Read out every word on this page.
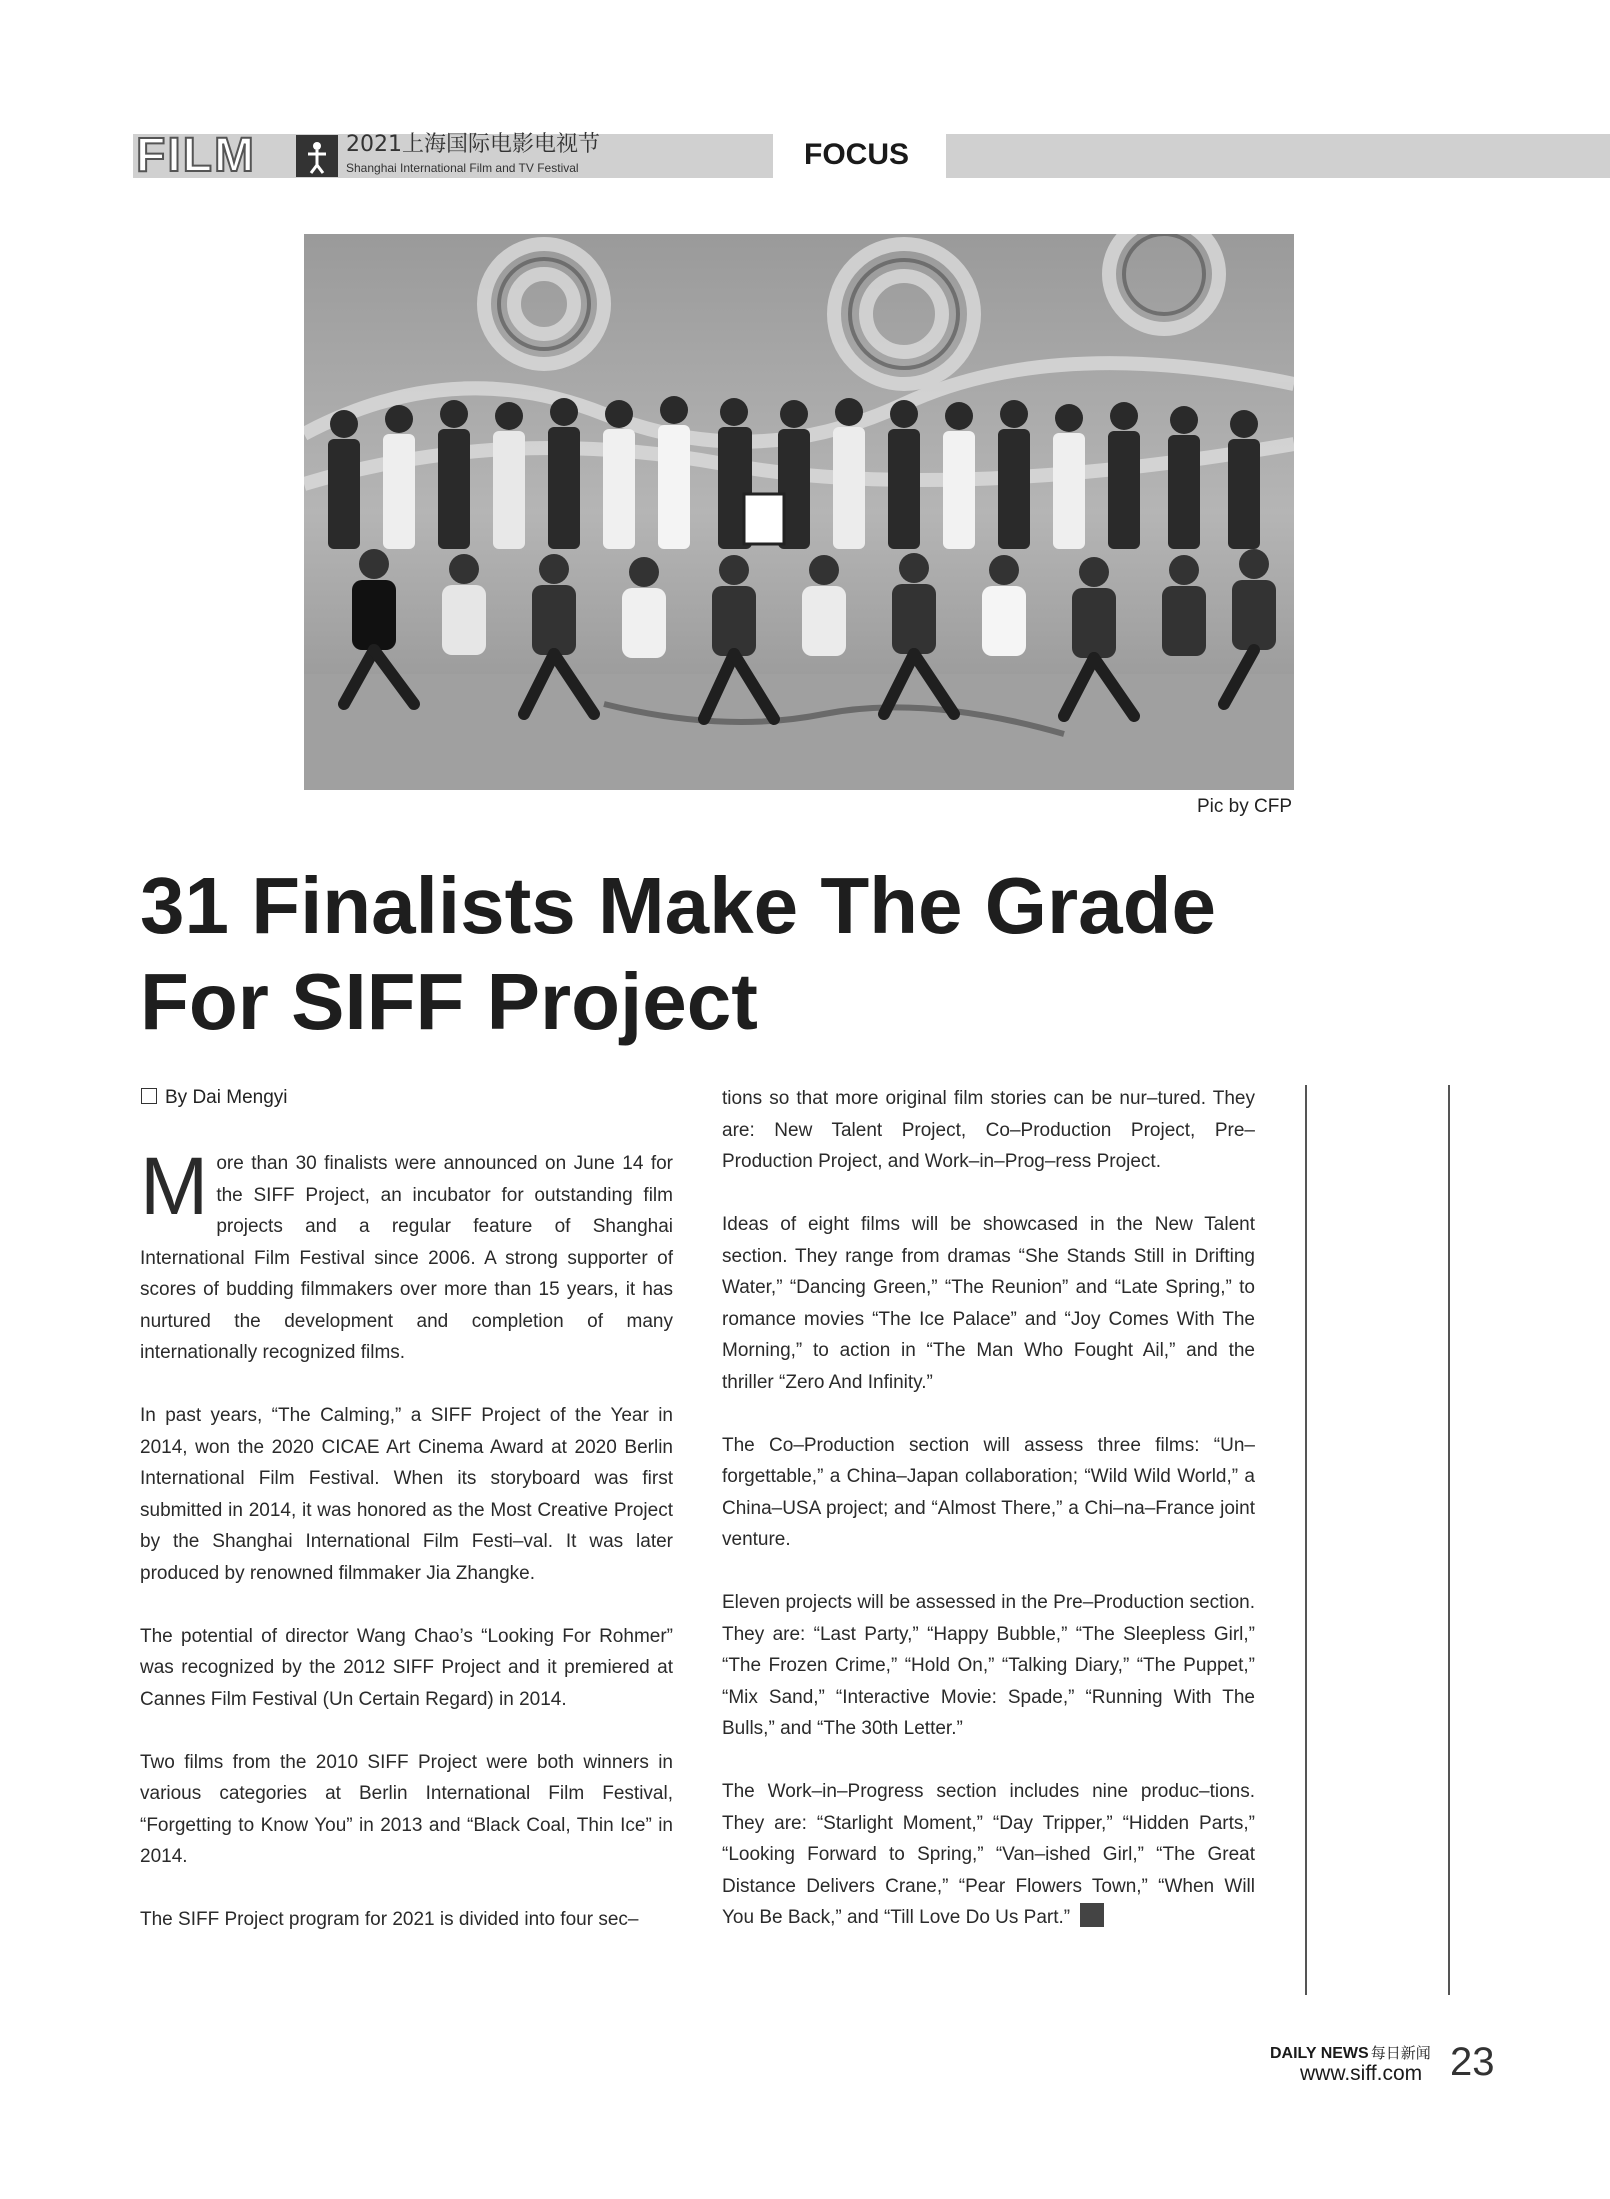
FILM	2021上海国际电影电视节
Shanghai International Film and TV Festival	FOCUS
Pic by CFP
31 Finalists Make The Grade For SIFF Project
By Dai Mengyi

More than 30 finalists were announced on June 14 for the SIFF Project, an incubator for outstanding film projects and a regular feature of Shanghai International Film Festival since 2006. A strong supporter of scores of budding filmmakers over more than 15 years, it has nurtured the development and completion of many internationally recognized films.

In past years, “The Calming,” a SIFF Project of the Year in 2014, won the 2020 CICAE Art Cinema Award at 2020 Berlin International Film Festival. When its storyboard was first submitted in 2014, it was honored as the Most Creative Project by the Shanghai International Film Festi–val. It was later produced by renowned filmmaker Jia Zhangke.

The potential of director Wang Chao’s “Looking For Rohmer” was recognized by the 2012 SIFF Project and it premiered at Cannes Film Festival (Un Certain Regard) in 2014.

Two films from the 2010 SIFF Project were both winners in various categories at Berlin International Film Festival, “Forgetting to Know You” in 2013 and “Black Coal, Thin Ice” in 2014.

The SIFF Project program for 2021 is divided into four sec–

tions so that more original film stories can be nur–tured. They are: New Talent Project, Co–Production Project, Pre–Production Project, and Work–in–Prog–ress Project.

Ideas of eight films will be showcased in the New Talent section. They range from dramas “She Stands Still in Drifting Water,” “Dancing Green,” “The Reunion” and “Late Spring,” to romance movies “The Ice Palace” and “Joy Comes With The Morning,” to action in “The Man Who Fought Ail,” and the thriller “Zero And Infinity.”

The Co–Production section will assess three films: “Un–forgettable,” a China–Japan collaboration; “Wild Wild World,” a China–USA project; and “Almost There,” a Chi–na–France joint venture.

Eleven projects will be assessed in the Pre–Production section. They are: “Last Party,” “Happy Bubble,” “The Sleepless Girl,” “The Frozen Crime,” “Hold On,” “Talking Diary,” “The Puppet,” “Mix Sand,” “Interactive Movie: Spade,” “Running With The Bulls,” and “The 30th Letter.”

The Work–in–Progress section includes nine produc–tions. They are: “Starlight Moment,” “Day Tripper,” “Hidden Parts,” “Looking Forward to Spring,” “Van–ished Girl,” “The Great Distance Delivers Crane,” “Pear Flowers Town,” “When Will You Be Back,” and “Till Love Do Us Part.”

DAILY NEWS 每日新闻
www.siff.com 23
